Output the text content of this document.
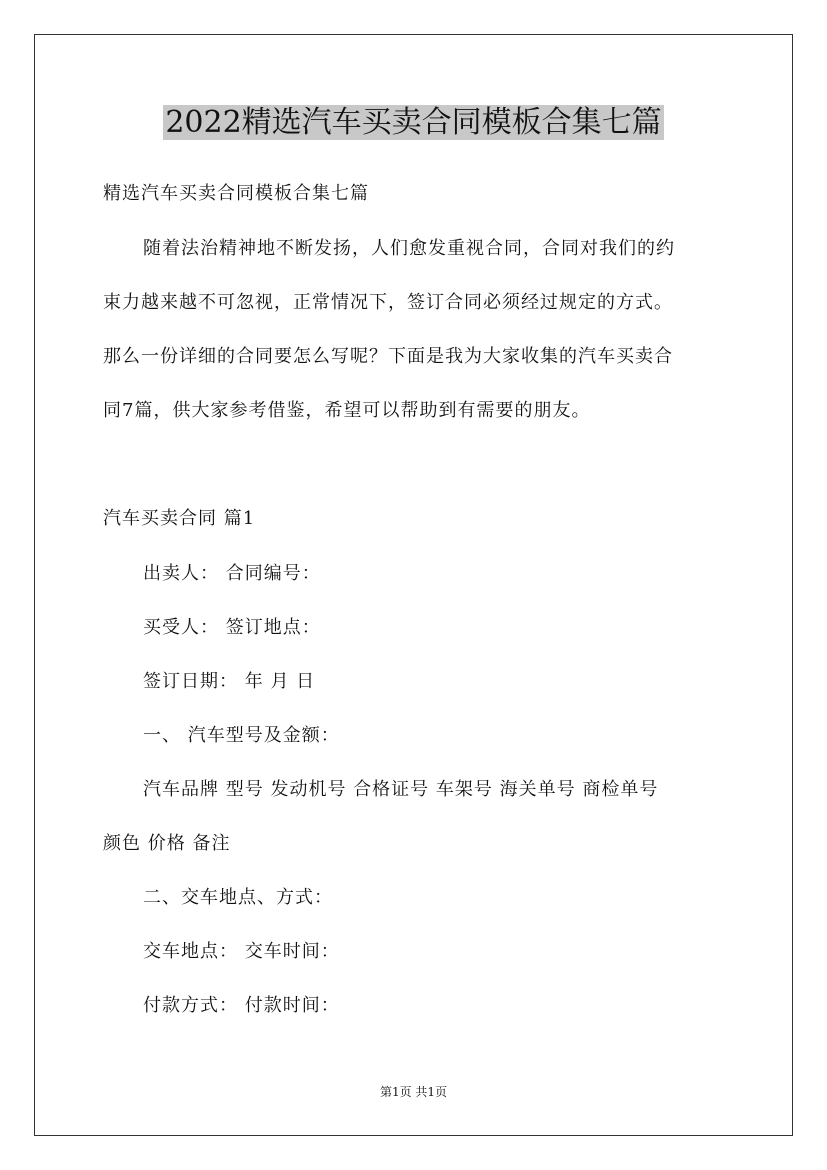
2022精选汽车买卖合同模板合集七篇
精选汽车买卖合同模板合集七篇
随着法治精神地不断发扬，人们愈发重视合同，合同对我们的约
束力越来越不可忽视，正常情况下，签订合同必须经过规定的方式。
那么一份详细的合同要怎么写呢？下面是我为大家收集的汽车买卖合
同7篇，供大家参考借鉴，希望可以帮助到有需要的朋友。
汽车买卖合同 篇1
出卖人： 合同编号：
买受人： 签订地点：
签订日期： 年 月 日
一、 汽车型号及金额：
汽车品牌 型号 发动机号 合格证号 车架号 海关单号 商检单号
颜色 价格 备注
二、交车地点、方式：
交车地点： 交车时间：
付款方式： 付款时间：
第1页 共1页
